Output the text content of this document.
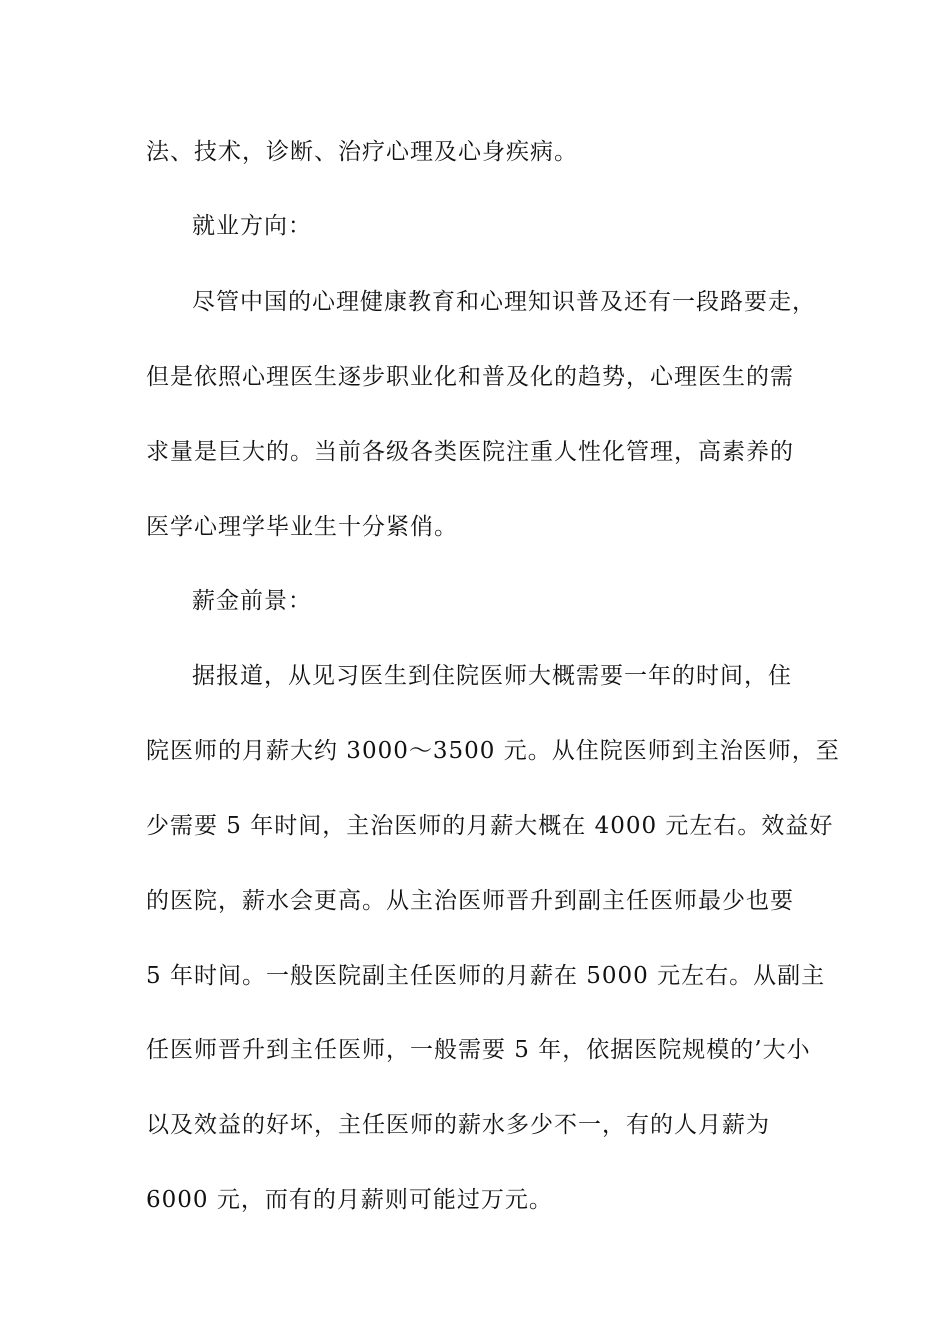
法、技术，诊断、治疗心理及心身疾病。
就业方向：
尽管中国的心理健康教育和心理知识普及还有一段路要走，
但是依照心理医生逐步职业化和普及化的趋势，心理医生的需
求量是巨大的。当前各级各类医院注重人性化管理，高素养的
医学心理学毕业生十分紧俏。
薪金前景：
据报道，从见习医生到住院医师大概需要一年的时间，住
院医师的月薪大约 3000～3500 元。从住院医师到主治医师，至
少需要 5 年时间，主治医师的月薪大概在 4000 元左右。效益好
的医院，薪水会更高。从主治医师晋升到副主任医师最少也要
5 年时间。一般医院副主任医师的月薪在 5000 元左右。从副主
任医师晋升到主任医师，一般需要 5 年，依据医院规模的’大小
以及效益的好坏，主任医师的薪水多少不一，有的人月薪为
6000 元，而有的月薪则可能过万元。
